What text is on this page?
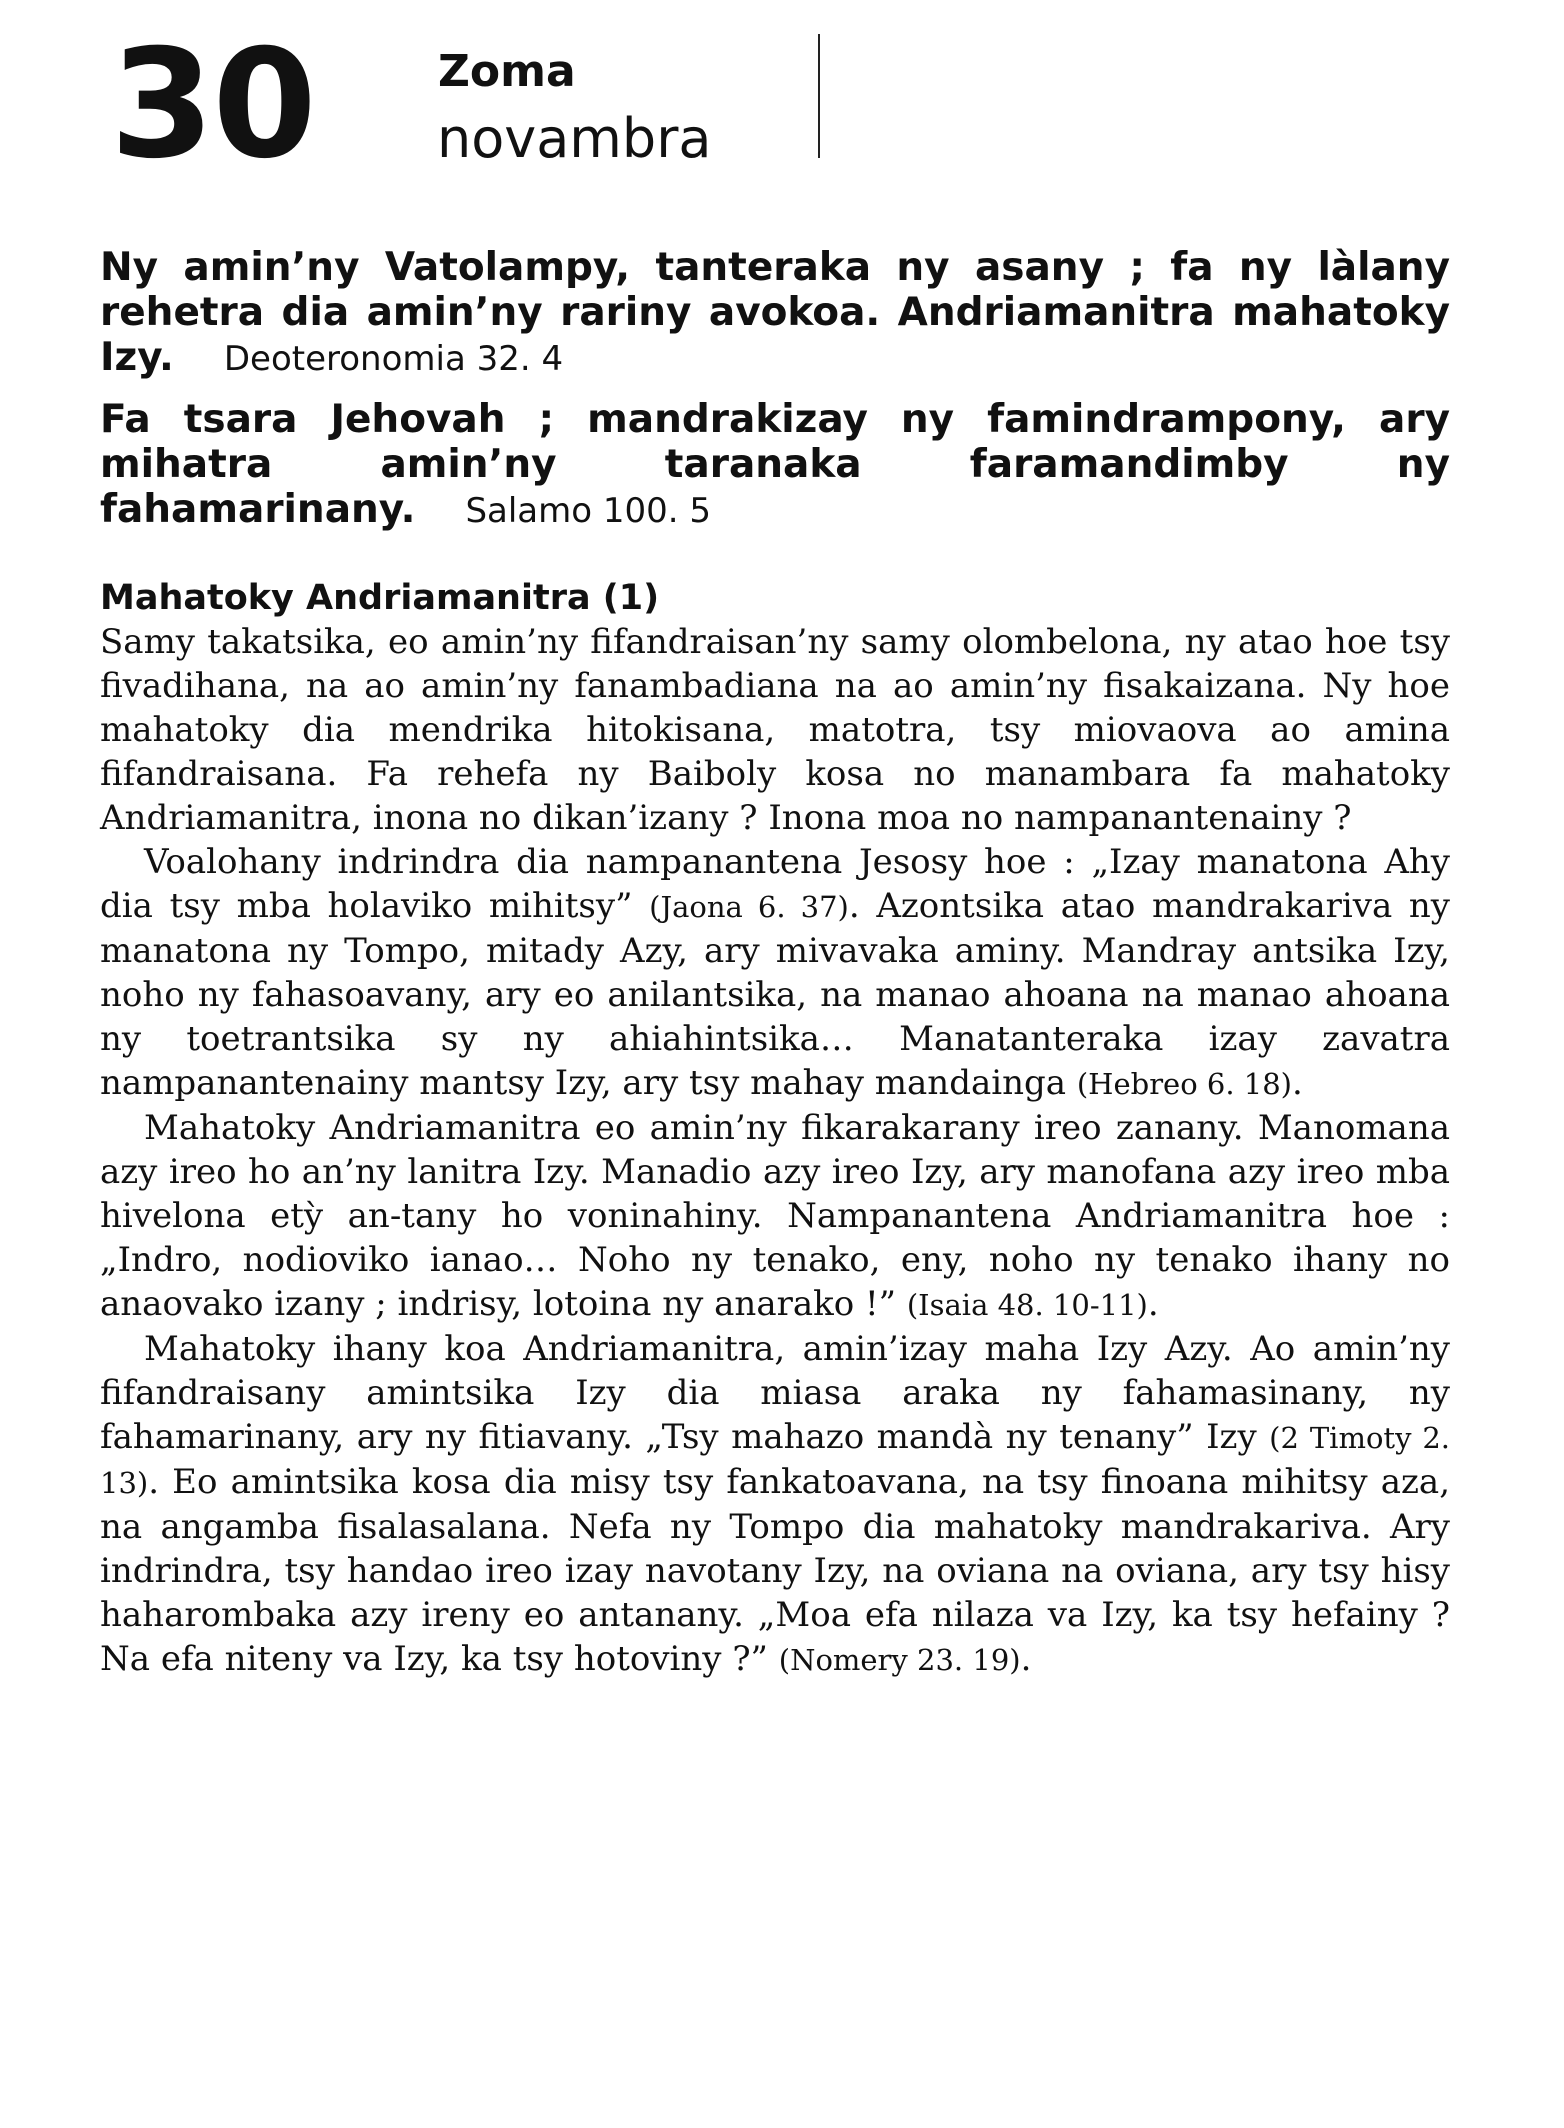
30	Zoma
novambra

Ny amin’ny Vatolampy, tanteraka ny asany ; fa ny làlany rehetra dia amin’ny rariny avokoa. Andriamanitra mahatoky Izy. Deoteronomia 32. 4

Fa tsara Jehovah ; mandrakizay ny famindrampony, ary mihatra amin’ny taranaka faramandimby ny fahamarinany. Salamo 100. 5

Mahatoky Andriamanitra (1)

Samy takatsika, eo amin’ny fifandraisan’ny samy olombelona, ny atao hoe tsy fivadihana, na ao amin’ny fanambadiana na ao amin’ny fisakaizana. Ny hoe mahatoky dia mendrika hitokisana, matotra, tsy miovaova ao amina fifandraisana. Fa rehefa ny Baiboly kosa no manambara fa mahatoky Andriamanitra, inona no dikan’izany ? Inona moa no nampanantenainy ?

Voalohany indrindra dia nampanantena Jesosy hoe : „Izay manatona Ahy dia tsy mba holaviko mihitsy” (Jaona 6. 37). Azontsika atao mandrakariva ny manatona ny Tompo, mitady Azy, ary mivavaka aminy. Mandray antsika Izy, noho ny fahasoavany, ary eo anilantsika, na manao ahoana na manao ahoana ny toetrantsika sy ny ahiahintsika… Manatanteraka izay zavatra nampanantenainy mantsy Izy, ary tsy mahay mandainga (Hebreo 6. 18).

Mahatoky Andriamanitra eo amin’ny fikarakarany ireo zanany. Manomana azy ireo ho an’ny lanitra Izy. Manadio azy ireo Izy, ary manofana azy ireo mba hivelona etỳ an-tany ho voninahiny. Nampanantena Andriamanitra hoe : „Indro, nodioviko ianao… Noho ny tenako, eny, noho ny tenako ihany no anaovako izany ; indrisy, lotoina ny anarako !” (Isaia 48. 10-11).

Mahatoky ihany koa Andriamanitra, amin’izay maha Izy Azy. Ao amin’ny fifandraisany amintsika Izy dia miasa araka ny fahamasinany, ny fahamarinany, ary ny fitiavany. „Tsy mahazo mandà ny tenany” Izy (2 Timoty 2. 13). Eo amintsika kosa dia misy tsy fankatoavana, na tsy finoana mihitsy aza, na angamba fisalasalana. Nefa ny Tompo dia mahatoky mandrakariva. Ary indrindra, tsy handao ireo izay navotany Izy, na oviana na oviana, ary tsy hisy haharombaka azy ireny eo antanany. „Moa efa nilaza va Izy, ka tsy hefainy ? Na efa niteny va Izy, ka tsy hotoviny ?” (Nomery 23. 19).
